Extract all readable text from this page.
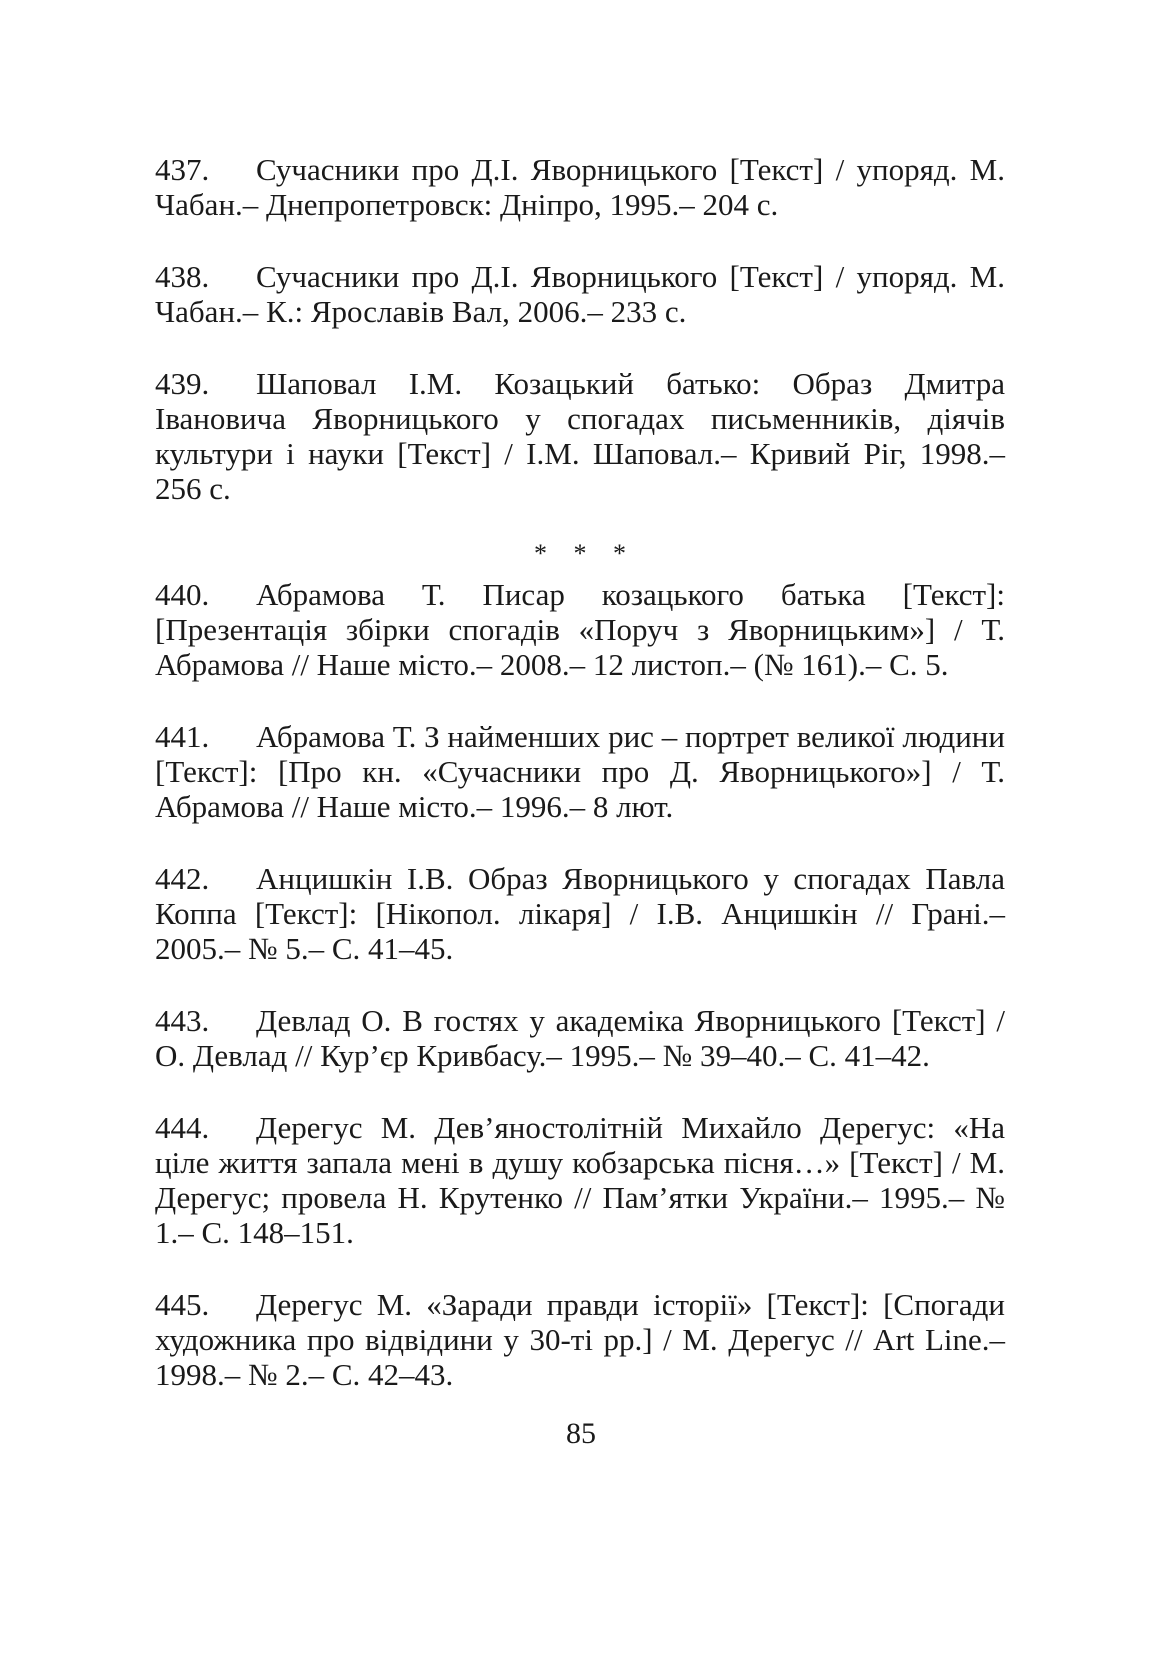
437. Сучасники про Д.І. Яворницького [Текст] / упоряд. М. Чабан.– Днепропетровск: Дніпро, 1995.– 204 с.
438. Сучасники про Д.І. Яворницького [Текст] / упоряд. М. Чабан.– К.: Ярославів Вал, 2006.– 233 с.
439. Шаповал І.М. Козацький батько: Образ Дмитра Івановича Яворницького у спогадах письменників, діячів культури і науки [Текст] / І.М. Шаповал.– Кривий Ріг, 1998.– 256 с.
* * *
440. Абрамова Т. Писар козацького батька [Текст]: [Презентація збірки спогадів «Поруч з Яворницьким»] / Т. Абрамова // Наше місто.– 2008.– 12 листоп.– (№ 161).– С. 5.
441. Абрамова Т. З найменших рис – портрет великої людини [Текст]: [Про кн. «Сучасники про Д. Яворницького»] / Т. Абрамова // Наше місто.– 1996.– 8 лют.
442. Анцишкін І.В. Образ Яворницького у спогадах Павла Коппа [Текст]: [Нікопол. лікаря] / І.В. Анцишкін // Грані.– 2005.– № 5.– С. 41–45.
443. Девлад О. В гостях у академіка Яворницького [Текст] / О. Девлад // Кур’єр Кривбасу.– 1995.– № 39–40.– С. 41–42.
444. Дерегус М. Дев’яностолітній Михайло Дерегус: «На ціле життя запала мені в душу кобзарська пісня…» [Текст] / М. Дерегус; провела Н. Крутенко // Пам’ятки України.– 1995.– № 1.– С. 148–151.
445. Дерегус М. «Заради правди історії» [Текст]: [Спогади художника про відвідини у 30-ті рр.] / М. Дерегус // Art Line.– 1998.– № 2.– С. 42–43.
85
